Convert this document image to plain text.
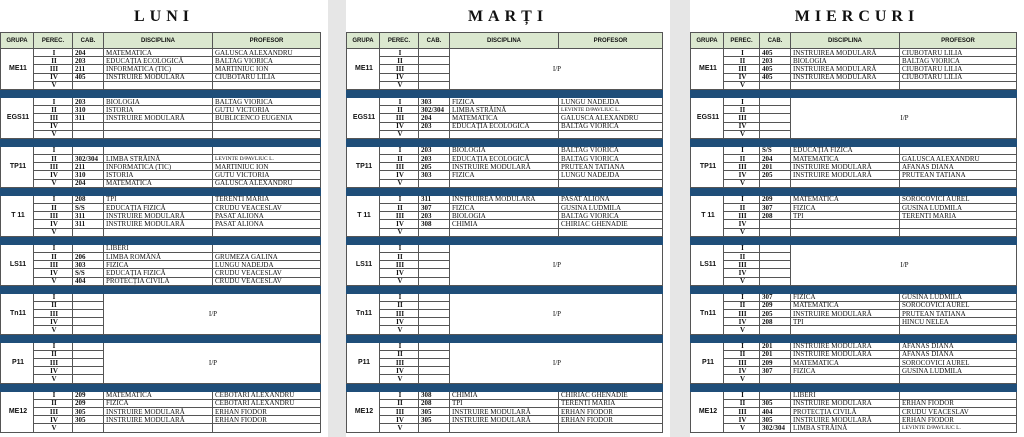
LUNI
GRUPA	PEREC.	CAB.	DISCIPLINA	PROFESOR
ME11	I	204	MATEMATICA	GALUSCA ALEXANDRU
	II	203	EDUCAȚIA ECOLOGICĂ	BALTAG VIORICA
	III	211	INFORMATICA (TIC)	MARTINIUC ION
	IV	405	INSTRUIRE MODULARĂ	CIUBOTARU LILIA
	V			

EGS11	I	203	BIOLOGIA	BALTAG VIORICA
	II	310	ISTORIA	GUTU VICTORIA
	III	311	INSTRUIRE MODULARĂ	BUBLICENCO EUGENIA
	IV			
	V			

TP11	I			
	II	302/304	LIMBA STRĂINĂ	LEVINTE D/PAVLIUC L.
	III	211	INFORMATICA (TIC)	MARTINIUC ION
	IV	310	ISTORIA	GUTU VICTORIA
	V	204	MATEMATICA	GALUSCA ALEXANDRU

T 11	I	208	TPI	TERENTI MARIA
	II	S/S	EDUCAȚIA FIZICĂ	CRUDU VEACESLAV
	III	311	INSTRUIRE MODULARĂ	PASAT ALIONA
	IV	311	INSTRUIRE MODULARĂ	PASAT ALIONA
	V			

LS11	I		LIBERI	
	II	206	LIMBA ROMÂNĂ	GRUMEZA GALINA
	III	303	FIZICA	LUNGU NADEJDA
	IV	S/S	EDUCAȚIA FIZICĂ	CRUDU VEACESLAV
	V	404	PROTECȚIA CIVILĂ	CRUDU VEACESLAV

Tn11	I		I/P	
	II			
	III			
	IV			
	V			

P11	I		I/P	
	II			
	III			
	IV			
	V			

ME12	I	209	MATEMATICA	CEBOTARI ALEXANDRU
	II	209	FIZICA	CEBOTARI ALEXANDRU
	III	305	INSTRUIRE MODULARĂ	ERHAN FIODOR
	IV	305	INSTRUIRE MODULARĂ	ERHAN FIODOR
	V			
MARȚI
GRUPA	PEREC.	CAB.	DISCIPLINA	PROFESOR
ME11	I		I/P	
	II			
	III			
	IV			
	V			

EGS11	I	303	FIZICA	LUNGU NADEJDA
	II	302/304	LIMBA STRĂINĂ	LEVINTE D/PAVLIUC L.
	III	204	MATEMATICA	GALUSCA ALEXANDRU
	IV	203	EDUCAȚIA ECOLOGICĂ	BALTAG VIORICA
	V			

TP11	I	203	BIOLOGIA	BALTAG VIORICA
	II	203	EDUCAȚIA ECOLOGICĂ	BALTAG VIORICA
	III	205	INSTRUIRE MODULARĂ	PRUTEAN TATIANA
	IV	303	FIZICA	LUNGU NADEJDA
	V			

T 11	I	311	INSTRUIREA MODULARĂ	PASAT ALIONA
	II	307	FIZICA	GUSINA LUDMILA
	III	203	BIOLOGIA	BALTAG VIORICA
	IV	308	CHIMIA	CHIRIAC GHENADIE
	V			

LS11	I		I/P	
	II			
	III			
	IV			
	V			

Tn11	I		I/P	
	II			
	III			
	IV			
	V			

P11	I		I/P	
	II			
	III			
	IV			
	V			

ME12	I	308	CHIMIA	CHIRIAC GHENADIE
	II	208	TPI	TERENTI MARIA
	III	305	INSTRUIRE MODULARĂ	ERHAN FIODOR
	IV	305	INSTRUIRE MODULARĂ	ERHAN FIODOR
	V			
MIERCURI
GRUPA	PEREC.	CAB.	DISCIPLINA	PROFESOR
ME11	I	405	INSTRUIREA MODULARĂ	CIUBOTARU LILIA
	II	203	BIOLOGIA	BALTAG VIORICA
	III	405	INSTRUIREA MODULARĂ	CIUBOTARU LILIA
	IV	405	INSTRUIREA MODULARĂ	CIUBOTARU LILIA
	V			

EGS11	I		I/P	
	II			
	III			
	IV			
	V			

TP11	I	S/S	EDUCAȚIA FIZICĂ	
	II	204	MATEMATICA	GALUSCA ALEXANDRU
	III	201	INSTRUIRE MODULARĂ	AFANAS DIANA
	IV	205	INSTRUIRE MODULARĂ	PRUTEAN TATIANA
	V			

T 11	I	209	MATEMATICA	SOROCOVICI AUREL
	II	307	FIZICA	GUSINA LUDMILA
	III	208	TPI	TERENTI MARIA
	IV			
	V			

LS11	I		I/P	
	II			
	III			
	IV			
	V			

Tn11	I	307	FIZICA	GUSINA LUDMILA
	II	209	MATEMATICA	SOROCOVICI AUREL
	III	205	INSTRUIRE MODULARĂ	PRUTEAN TATIANA
	IV	208	TPI	HINCU NELEA
	V			

P11	I	201	INSTRUIRE MODULARĂ	AFANAS DIANA
	II	201	INSTRUIRE MODULARĂ	AFANAS DIANA
	III	209	MATEMATICA	SOROCOVICI AUREL
	IV	307	FIZICA	GUSINA LUDMILA
	V			

ME12	I		LIBERI	
	II	305	INSTRUIRE MODULARĂ	ERHAN FIODOR
	III	404	PROTECȚIA CIVILĂ	CRUDU VEACESLAV
	IV	305	INSTRUIRE MODULARĂ	ERHAN FIODOR
	V	302/304	LIMBA STRĂINĂ	LEVINTE D/PAVLIUC L.
